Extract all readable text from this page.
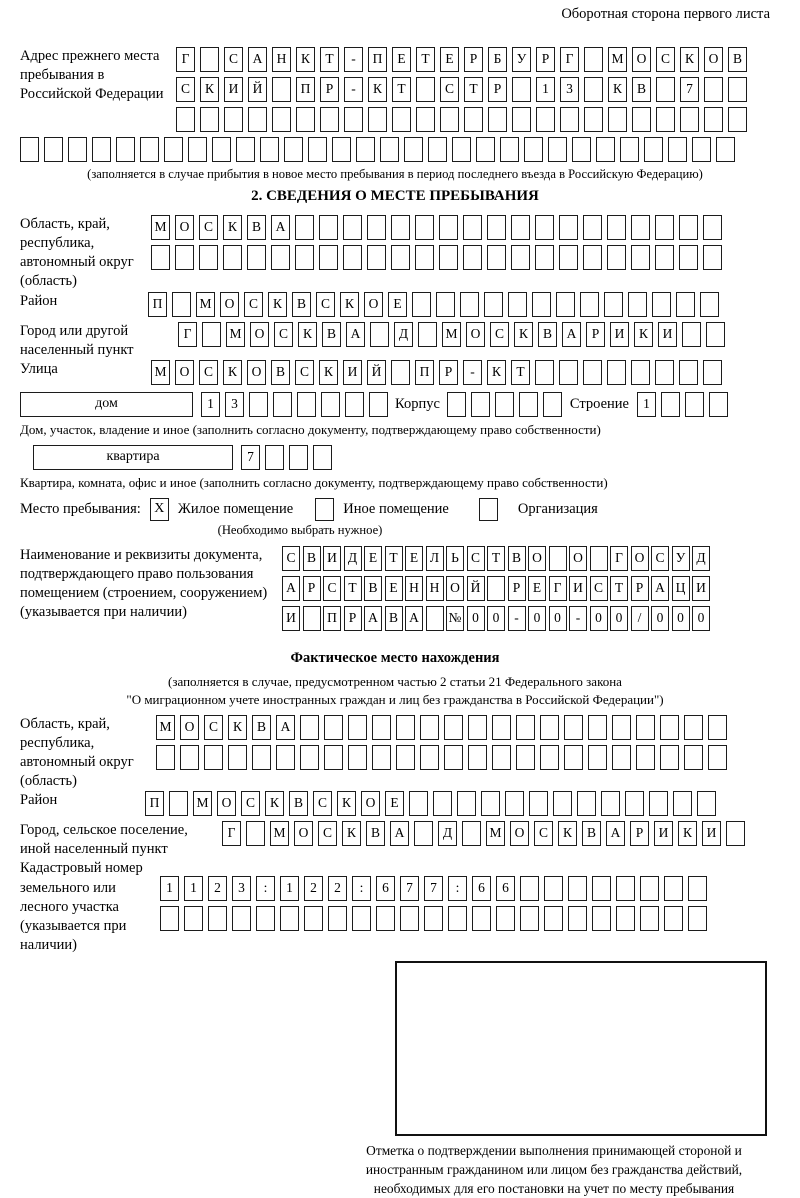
Оборотная сторона первого листа
Адрес прежнего места пребывания в Российской Федерации
Г	С А Н К Т - П Е Т Е Р Б У Р Г	М О С К О В
С К И Й	П Р - К Т	С Т Р	1 3	К В	7
(заполняется в случае прибытия в новое место пребывания в период последнего въезда в Российскую Федерацию)
2. СВЕДЕНИЯ О МЕСТЕ ПРЕБЫВАНИЯ
Область, край, республика, автономный округ (область)
М О С К В А
Район	П	М О С К В С К О Е
Город или другой населенный пункт
Г	М О С К В А	Д	М О С К В А Р И К И
Улица	М О С К О В С К И Й	П Р - К Т
дом	1 3	Корпус	Строение 1
Дом, участок, владение и иное (заполнить согласно документу, подтверждающему право собственности)
квартира	7
Квартира, комната, офис и иное (заполнить согласно документу, подтверждающему право собственности)
Место пребывания: X Жилое помещение	Иное помещение	Организация
(Необходимо выбрать нужное)
Наименование и реквизиты документа, подтверждающего право пользования помещением (строением, сооружением) (указывается при наличии)
С В И Д Е Т Е Л Ь С Т В О О Г О С У Д
А Р С Т В Е Н Н О Й Р Е Г И С Т Р А Ц И
И П Р А В А № 0 0 - 0 0 - 0 0 / 0 0 0
Фактическое место нахождения
(заполняется в случае, предусмотренном частью 2 статьи 21 Федерального закона
"О миграционном учете иностранных граждан и лиц без гражданства в Российской Федерации")
Область, край, республика, автономный округ (область)
М О С К В А
Район	П	М О С К В С К О Е
Город, сельское поселение, иной населенный пункт
Г	М О С К В А	Д	М О С К В А Р И К И
Кадастровый номер земельного или лесного участка (указывается при наличии)
1 1 2 3 : 1 2 2 : 6 7 7 : 6 6
Отметка о подтверждении выполнения принимающей стороной и иностранным гражданином или лицом без гражданства действий, необходимых для его постановки на учет по месту пребывания
